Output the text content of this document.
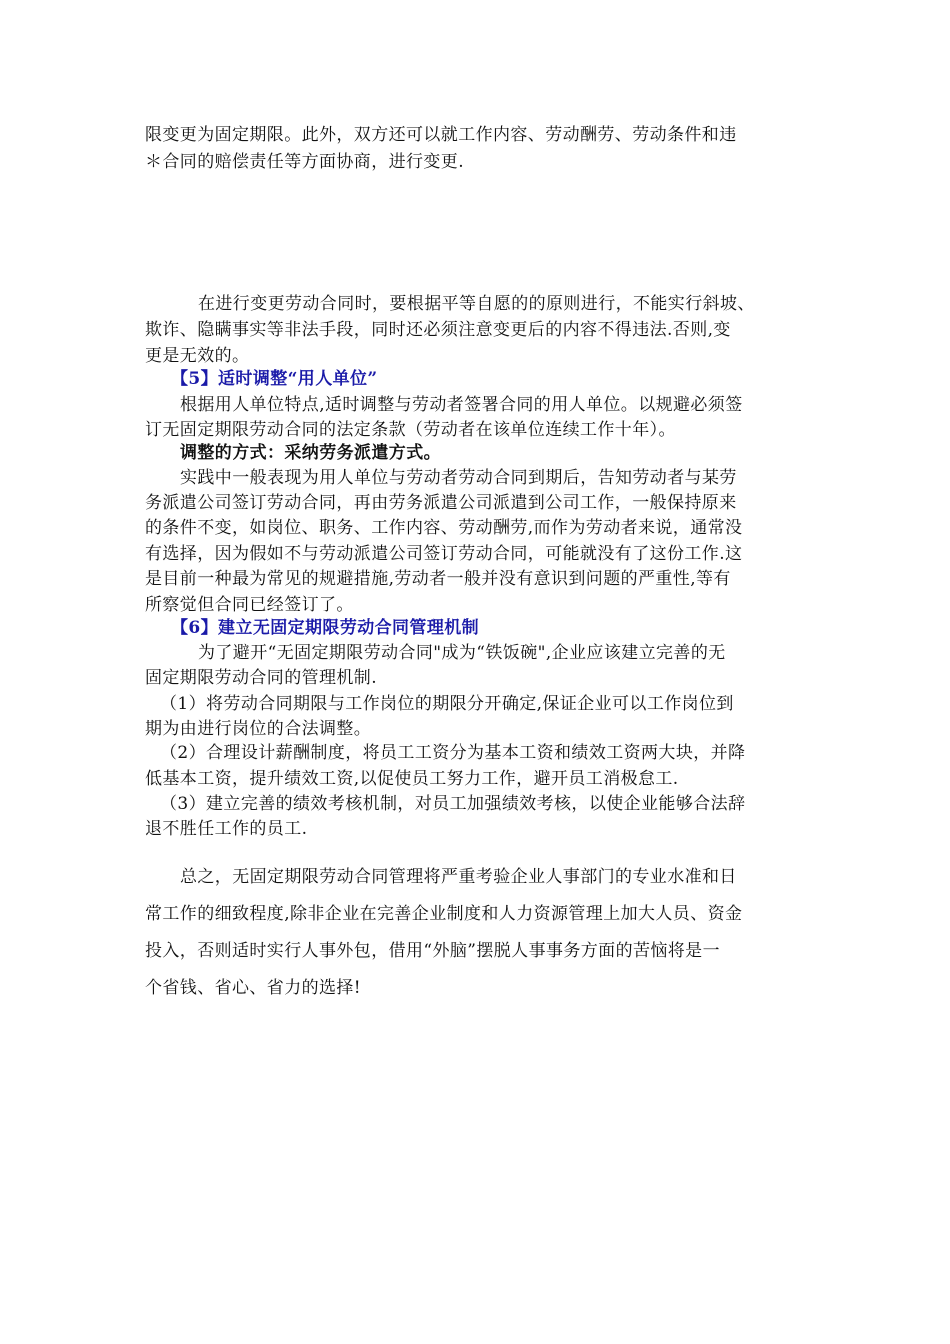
限变更为固定期限。此外，双方还可以就工作内容、劳动酬劳、劳动条件和违
＊合同的赔偿责任等方面协商，进行变更.
在进行变更劳动合同时，要根据平等自愿的的原则进行，不能实行斜坡、
欺诈、隐瞒事实等非法手段，同时还必须注意变更后的内容不得违法.否则,变
更是无效的。
【5】适时调整“用人单位”
根据用人单位特点,适时调整与劳动者签署合同的用人单位。以规避必须签
订无固定期限劳动合同的法定条款（劳动者在该单位连续工作十年）。
调整的方式：采纳劳务派遣方式。
实践中一般表现为用人单位与劳动者劳动合同到期后，告知劳动者与某劳
务派遣公司签订劳动合同，再由劳务派遣公司派遣到公司工作，一般保持原来
的条件不变，如岗位、职务、工作内容、劳动酬劳,而作为劳动者来说，通常没
有选择，因为假如不与劳动派遣公司签订劳动合同，可能就没有了这份工作.这
是目前一种最为常见的规避措施,劳动者一般并没有意识到问题的严重性,等有
所察觉但合同已经签订了。
【6】建立无固定期限劳动合同管理机制
为了避开“无固定期限劳动合同"成为“铁饭碗",企业应该建立完善的无
固定期限劳动合同的管理机制.
（1）将劳动合同期限与工作岗位的期限分开确定,保证企业可以工作岗位到
期为由进行岗位的合法调整。
（2）合理设计薪酬制度，将员工工资分为基本工资和绩效工资两大块，并降
低基本工资，提升绩效工资,以促使员工努力工作，避开员工消极怠工.
（3）建立完善的绩效考核机制，对员工加强绩效考核，以使企业能够合法辞
退不胜任工作的员工.
总之，无固定期限劳动合同管理将严重考验企业人事部门的专业水准和日
常工作的细致程度,除非企业在完善企业制度和人力资源管理上加大人员、资金
投入，否则适时实行人事外包，借用“外脑”摆脱人事事务方面的苦恼将是一
个省钱、省心、省力的选择!
